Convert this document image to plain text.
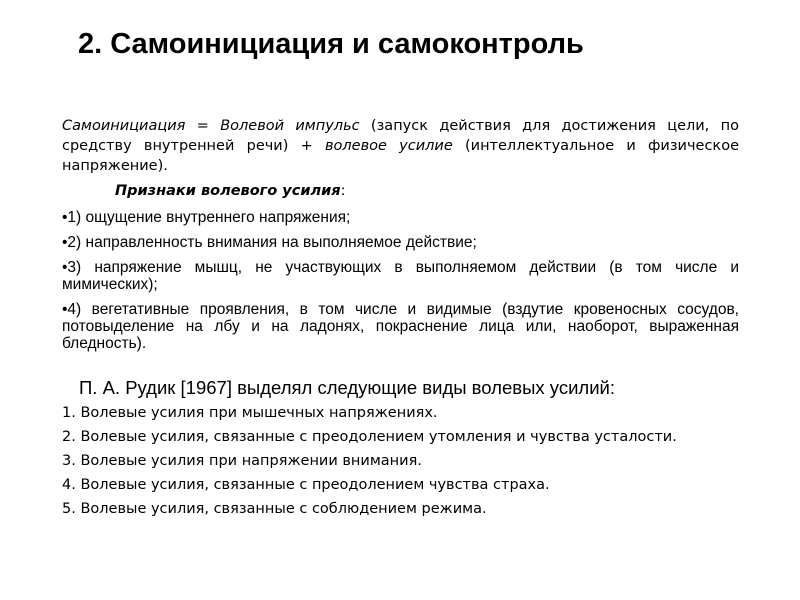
2. Самоинициация и самоконтроль

Самоинициация = Волевой импульс (запуск действия для достижения цели, по средству внутренней речи) + волевое усилие (интеллектуальное и физическое напряжение).

Признаки волевого усилия:

•1) ощущение внутреннего напряжения;

•2) направленность внимания на выполняемое действие;

•3) напряжение мышц, не участвующих в выполняемом действии (в том числе и мимических);

•4) вегетативные проявления, в том числе и видимые (вздутие кровеносных сосудов, потовыделение на лбу и на ладонях, покраснение лица или, наоборот, выраженная бледность).

П. А. Рудик [1967] выделял следующие виды волевых усилий:

1. Волевые усилия при мышечных напряжениях.

2. Волевые усилия, связанные с преодолением утомления и чувства усталости.

3. Волевые усилия при напряжении внимания.

4. Волевые усилия, связанные с преодолением чувства страха.

5. Волевые усилия, связанные с соблюдением режима.
